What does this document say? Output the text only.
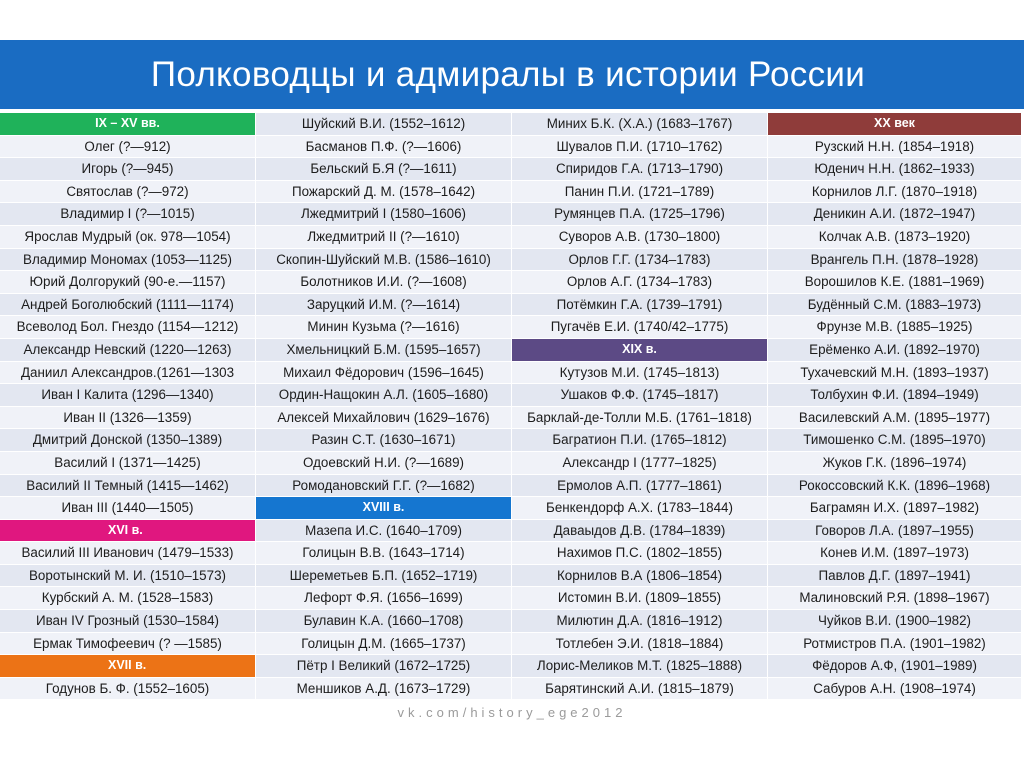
Полководцы и адмиралы в истории России
IX – XV вв.
Олег (?—912)
Игорь (?—945)
Святослав (?—972)
Владимир I (?—1015)
Ярослав Мудрый (ок. 978—1054)
Владимир Мономах (1053—1125)
Юрий Долгорукий (90-е.—1157)
Андрей Боголюбский (1111—1174)
Всеволод Бол. Гнездо (1154—1212)
Александр Невский (1220—1263)
Даниил Александров.(1261—1303
Иван I Калита (1296—1340)
Иван II (1326—1359)
Дмитрий Донской (1350–1389)
Василий I (1371—1425)
Василий II Темный (1415—1462)
Иван III (1440—1505)
XVI в.
Василий III Иванович (1479–1533)
Воротынский М. И. (1510–1573)
Курбский А. М. (1528–1583)
Иван IV Грозный (1530–1584)
Ермак Тимофеевич (? —1585)
XVII в.
Годунов Б. Ф. (1552–1605)
Шуйский В.И. (1552–1612)
Басманов П.Ф. (?—1606)
Бельский Б.Я (?—1611)
Пожарский Д. М. (1578–1642)
Лжедмитрий I (1580–1606)
Лжедмитрий II (?—1610)
Скопин-Шуйский М.В. (1586–1610)
Болотников И.И. (?—1608)
Заруцкий И.М. (?—1614)
Минин Кузьма (?—1616)
Хмельницкий Б.М. (1595–1657)
Михаил Фёдорович (1596–1645)
Ордин-Нащокин А.Л. (1605–1680)
Алексей Михайлович (1629–1676)
Разин С.Т. (1630–1671)
Одоевский Н.И. (?—1689)
Ромодановский Г.Г. (?—1682)
XVIII в.
Мазепа И.С. (1640–1709)
Голицын В.В. (1643–1714)
Шереметьев Б.П. (1652–1719)
Лефорт Ф.Я. (1656–1699)
Булавин К.А. (1660–1708)
Голицын Д.М. (1665–1737)
Пётр I Великий (1672–1725)
Меншиков А.Д. (1673–1729)
Миних Б.К. (Х.А.) (1683–1767)
Шувалов П.И. (1710–1762)
Спиридов Г.А. (1713–1790)
Панин П.И. (1721–1789)
Румянцев П.А. (1725–1796)
Суворов А.В. (1730–1800)
Орлов Г.Г. (1734–1783)
Орлов А.Г. (1734–1783)
Потёмкин Г.А. (1739–1791)
Пугачёв Е.И. (1740/42–1775)
XIX в.
Кутузов М.И. (1745–1813)
Ушаков Ф.Ф. (1745–1817)
Барклай-де-Толли М.Б. (1761–1818)
Багратион П.И. (1765–1812)
Александр I (1777–1825)
Ермолов А.П. (1777–1861)
Бенкендорф А.Х. (1783–1844)
Даваыдов Д.В. (1784–1839)
Нахимов П.С. (1802–1855)
Корнилов В.А (1806–1854)
Истомин В.И. (1809–1855)
Милютин Д.А. (1816–1912)
Тотлебен Э.И. (1818–1884)
Лорис-Меликов М.Т. (1825–1888)
Барятинский А.И. (1815–1879)
XX век
Рузский Н.Н. (1854–1918)
Юденич Н.Н. (1862–1933)
Корнилов Л.Г. (1870–1918)
Деникин А.И. (1872–1947)
Колчак А.В. (1873–1920)
Врангель П.Н. (1878–1928)
Ворошилов К.Е. (1881–1969)
Будённый С.М. (1883–1973)
Фрунзе М.В. (1885–1925)
Ерёменко А.И. (1892–1970)
Тухачевский М.Н. (1893–1937)
Толбухин Ф.И. (1894–1949)
Василевский А.М. (1895–1977)
Тимошенко С.М. (1895–1970)
Жуков Г.К. (1896–1974)
Рокоссовский К.К. (1896–1968)
Баграмян И.Х. (1897–1982)
Говоров Л.А. (1897–1955)
Конев И.М. (1897–1973)
Павлов Д.Г. (1897–1941)
Малиновский Р.Я. (1898–1967)
Чуйков В.И. (1900–1982)
Ротмистров П.А. (1901–1982)
Фёдоров А.Ф, (1901–1989)
Сабуров А.Н. (1908–1974)
vk.com/history_ege2012
